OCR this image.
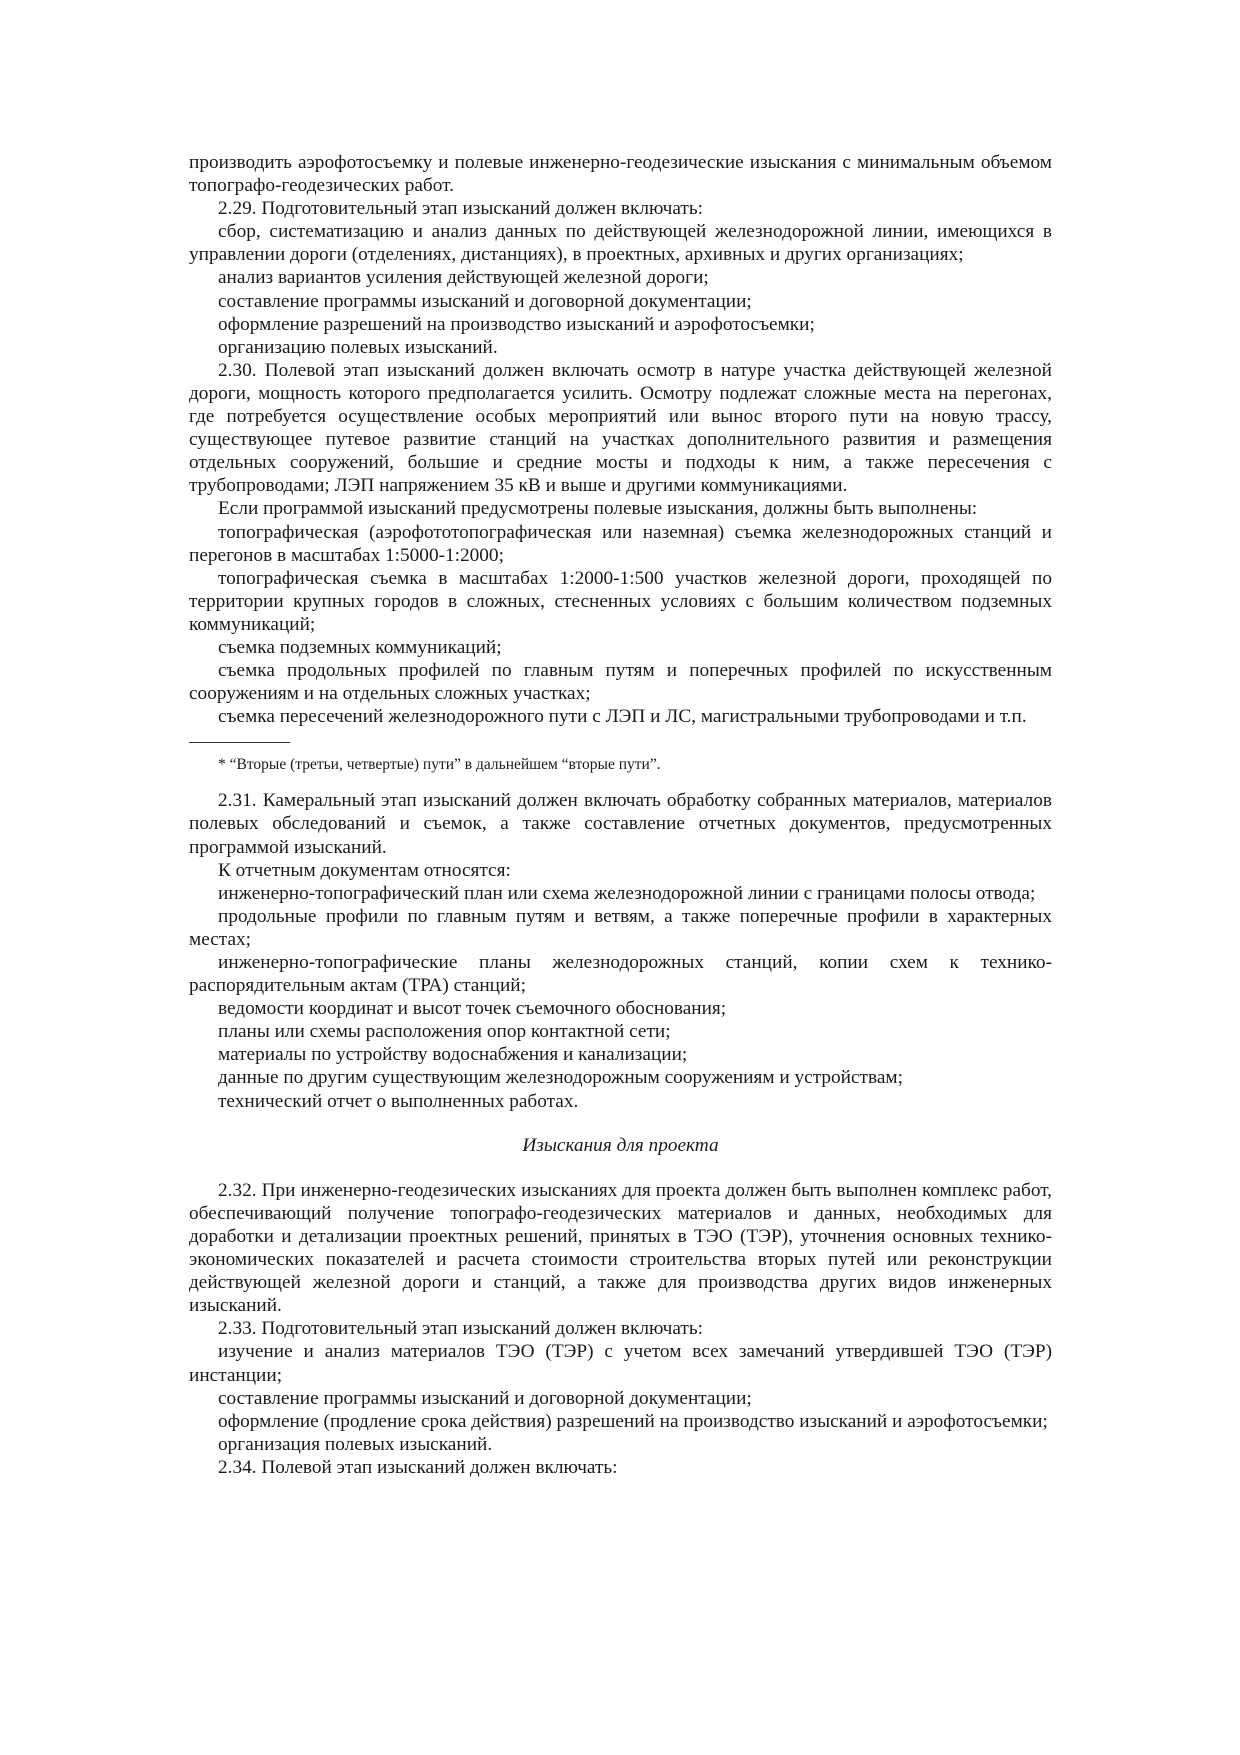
производить аэрофотосъемку и полевые инженерно-геодезические изыскания с минимальным объемом топографо-геодезических работ.

2.29. Подготовительный этап изысканий должен включать:

сбор, систематизацию и анализ данных по действующей железнодорожной линии, имеющихся в управлении дороги (отделениях, дистанциях), в проектных, архивных и других организациях;

анализ вариантов усиления действующей железной дороги;

составление программы изысканий и договорной документации;

оформление разрешений на производство изысканий и аэрофотосъемки;

организацию полевых изысканий.

2.30. Полевой этап изысканий должен включать осмотр в натуре участка действующей железной дороги, мощность которого предполагается усилить. Осмотру подлежат сложные места на перегонах, где потребуется осуществление особых мероприятий или вынос второго пути на новую трассу, существующее путевое развитие станций на участках дополнительного развития и размещения отдельных сооружений, большие и средние мосты и подходы к ним, а также пересечения с трубопроводами; ЛЭП напряжением 35 кВ и выше и другими коммуникациями.

Если программой изысканий предусмотрены полевые изыскания, должны быть выполнены:

топографическая (аэрофототопографическая или наземная) съемка железнодорожных станций и перегонов в масштабах 1:5000-1:2000;

топографическая съемка в масштабах 1:2000-1:500 участков железной дороги, проходящей по территории крупных городов в сложных, стесненных условиях с большим количеством подземных коммуникаций;

съемка подземных коммуникаций;

съемка продольных профилей по главным путям и поперечных профилей по искусственным сооружениям и на отдельных сложных участках;

съемка пересечений железнодорожного пути с ЛЭП и ЛС, магистральными трубопроводами и т.п.

* “Вторые (третьи, четвертые) пути” в дальнейшем “вторые пути”.

2.31. Камеральный этап изысканий должен включать обработку собранных материалов, материалов полевых обследований и съемок, а также составление отчетных документов, предусмотренных программой изысканий.

К отчетным документам относятся:

инженерно-топографический план или схема железнодорожной линии с границами полосы отвода;

продольные профили по главным путям и ветвям, а также поперечные профили в характерных местах;

инженерно-топографические планы железнодорожных станций, копии схем к технико-распорядительным актам (ТРА) станций;

ведомости координат и высот точек съемочного обоснования;

планы или схемы расположения опор контактной сети;

материалы по устройству водоснабжения и канализации;

данные по другим существующим железнодорожным сооружениям и устройствам;

технический отчет о выполненных работах.

Изыскания для проекта

2.32. При инженерно-геодезических изысканиях для проекта должен быть выполнен комплекс работ, обеспечивающий получение топографо-геодезических материалов и данных, необходимых для доработки и детализации проектных решений, принятых в ТЭО (ТЭР), уточнения основных технико-экономических показателей и расчета стоимости строительства вторых путей или реконструкции действующей железной дороги и станций, а также для производства других видов инженерных изысканий.

2.33. Подготовительный этап изысканий должен включать:

изучение и анализ материалов ТЭО (ТЭР) с учетом всех замечаний утвердившей ТЭО (ТЭР) инстанции;

составление программы изысканий и договорной документации;

оформление (продление срока действия) разрешений на производство изысканий и аэрофотосъемки;

организация полевых изысканий.

2.34. Полевой этап изысканий должен включать:
